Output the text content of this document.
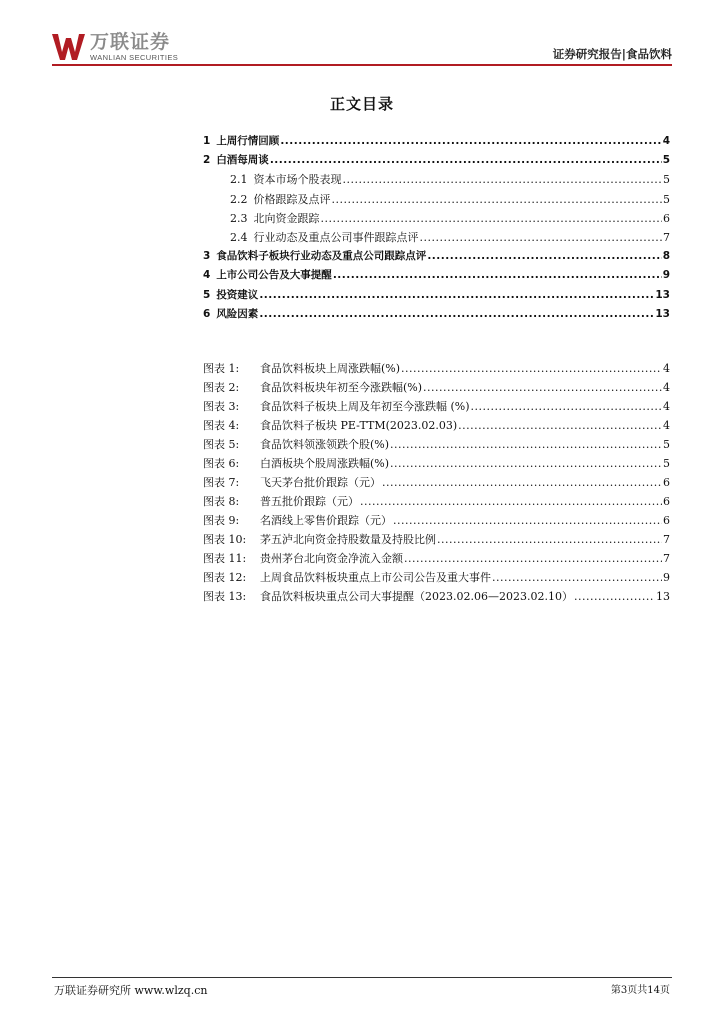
万联证券
WANLIAN SECURITIES	证券研究报告|食品饮料
正文目录
1 上周行情回顾 .....	4
2 白酒每周谈 .....	5
2.1 资本市场个股表现 .....	5
2.2 价格跟踪及点评 .....	5
2.3 北向资金跟踪 .....	6
2.4 行业动态及重点公司事件跟踪点评 .....	7
3 食品饮料子板块行业动态及重点公司跟踪点评 .....	8
4 上市公司公告及大事提醒 .....	9
5 投资建议 .....	13
6 风险因素 .....	13
图表 1:	食品饮料板块上周涨跌幅(%) .....	4
图表 2:	食品饮料板块年初至今涨跌幅(%) .....	4
图表 3:	食品饮料子板块上周及年初至今涨跌幅 (%) .....	4
图表 4:	食品饮料子板块 PE-TTM(2023.02.03) .....	4
图表 5:	食品饮料领涨领跌个股(%) .....	5
图表 6:	白酒板块个股周涨跌幅(%) .....	5
图表 7:	飞天茅台批价跟踪（元） .....	6
图表 8:	普五批价跟踪（元） .....	6
图表 9:	名酒线上零售价跟踪（元） .....	6
图表 10:	茅五泸北向资金持股数量及持股比例 .....	7
图表 11:	贵州茅台北向资金净流入金额 .....	7
图表 12:	上周食品饮料板块重点上市公司公告及重大事件 .....	9
图表 13:	食品饮料板块重点公司大事提醒（2023.02.06—2023.02.10） .....	13
万联证券研究所 www.wlzq.cn	第3页共14页
